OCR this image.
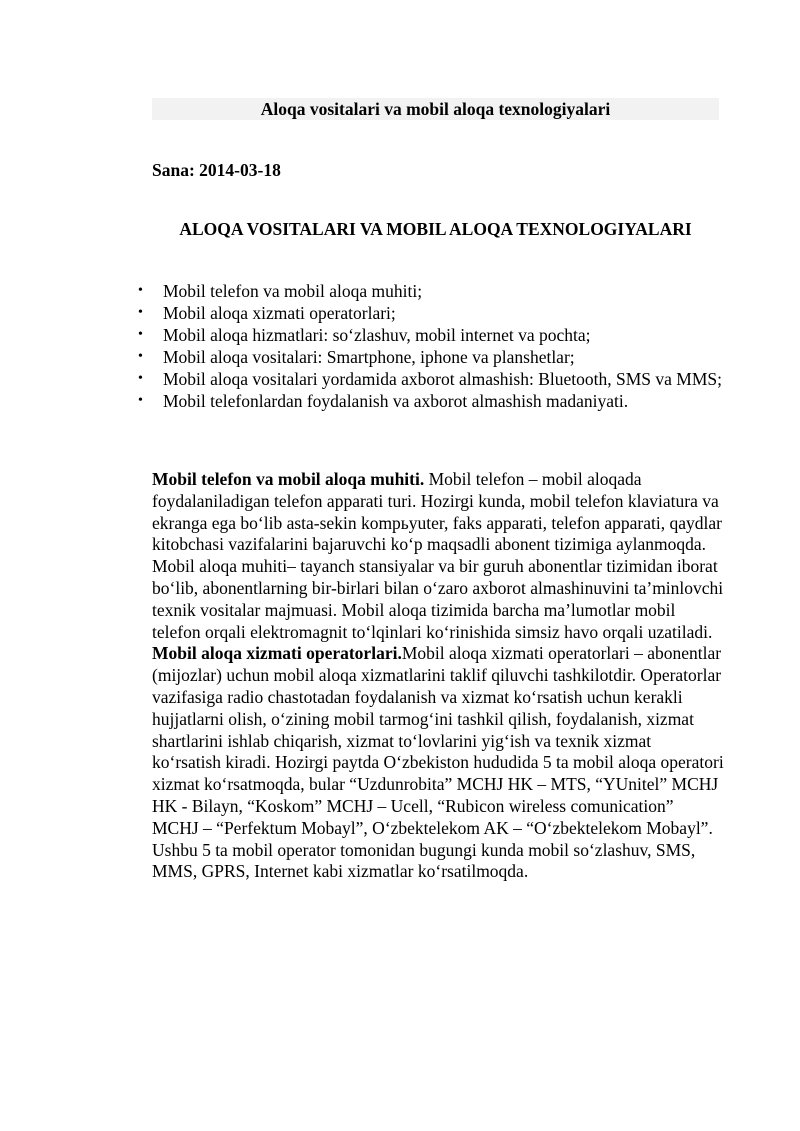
Aloqa vositalari va mobil aloqa texnologiyalari
Sana: 2014-03-18
ALOQA VOSITALARI VA MOBIL ALOQA TEXNOLOGIYALARI
• Mobil telefon va mobil aloqa muhiti;
• Mobil aloqa xizmati operatorlari;
• Mobil aloqa hizmatlari: so‘zlashuv, mobil internet va pochta;
• Mobil aloqa vositalari: Smartphone, iphone va planshetlar;
• Mobil aloqa vositalari yordamida axborot almashish: Bluetooth, SMS va MMS;
• Mobil telefonlardan foydalanish va axborot almashish madaniyati.

Mobil telefon va mobil aloqa muhiti. Mobil telefon – mobil aloqada foydalaniladigan telefon apparati turi. Hozirgi kunda, mobil telefon klaviatura va ekranga ega bo‘lib asta-sekin kompьyuter, faks apparati, telefon apparati, qaydlar kitobchasi vazifalarini bajaruvchi ko‘p maqsadli abonent tizimiga aylanmoqda. Mobil aloqa muhiti– tayanch stansiyalar va bir guruh abonentlar tizimidan iborat bo‘lib, abonentlarning bir-birlari bilan o‘zaro axborot almashinuvini ta’minlovchi texnik vositalar majmuasi. Mobil aloqa tizimida barcha ma’lumotlar mobil telefon orqali elektromagnit to‘lqinlari ko‘rinishida simsiz havo orqali uzatiladi.

Mobil aloqa xizmati operatorlari.Mobil aloqa xizmati operatorlari – abonentlar (mijozlar) uchun mobil aloqa xizmatlarini taklif qiluvchi tashkilotdir. Operatorlar vazifasiga radio chastotadan foydalanish va xizmat ko‘rsatish uchun kerakli hujjatlarni olish, o‘zining mobil tarmog‘ini tashkil qilish, foydalanish, xizmat shartlarini ishlab chiqarish, xizmat to‘lovlarini yig‘ish va texnik xizmat ko‘rsatish kiradi. Hozirgi paytda O‘zbekiston hududida 5 ta mobil aloqa operatori xizmat ko‘rsatmoqda, bular “Uzdunrobita” MCHJ HK – MTS, “YUnitel” MCHJ HK - Bilayn, “Koskom” MCHJ – Ucell, “Rubicon wireless comunication” MCHJ – “Perfektum Mobayl”, O‘zbektelekom AK – “O‘zbektelekom Mobayl”. Ushbu 5 ta mobil operator tomonidan bugungi kunda mobil so‘zlashuv, SMS, MMS, GPRS, Internet kabi xizmatlar ko‘rsatilmoqda.
